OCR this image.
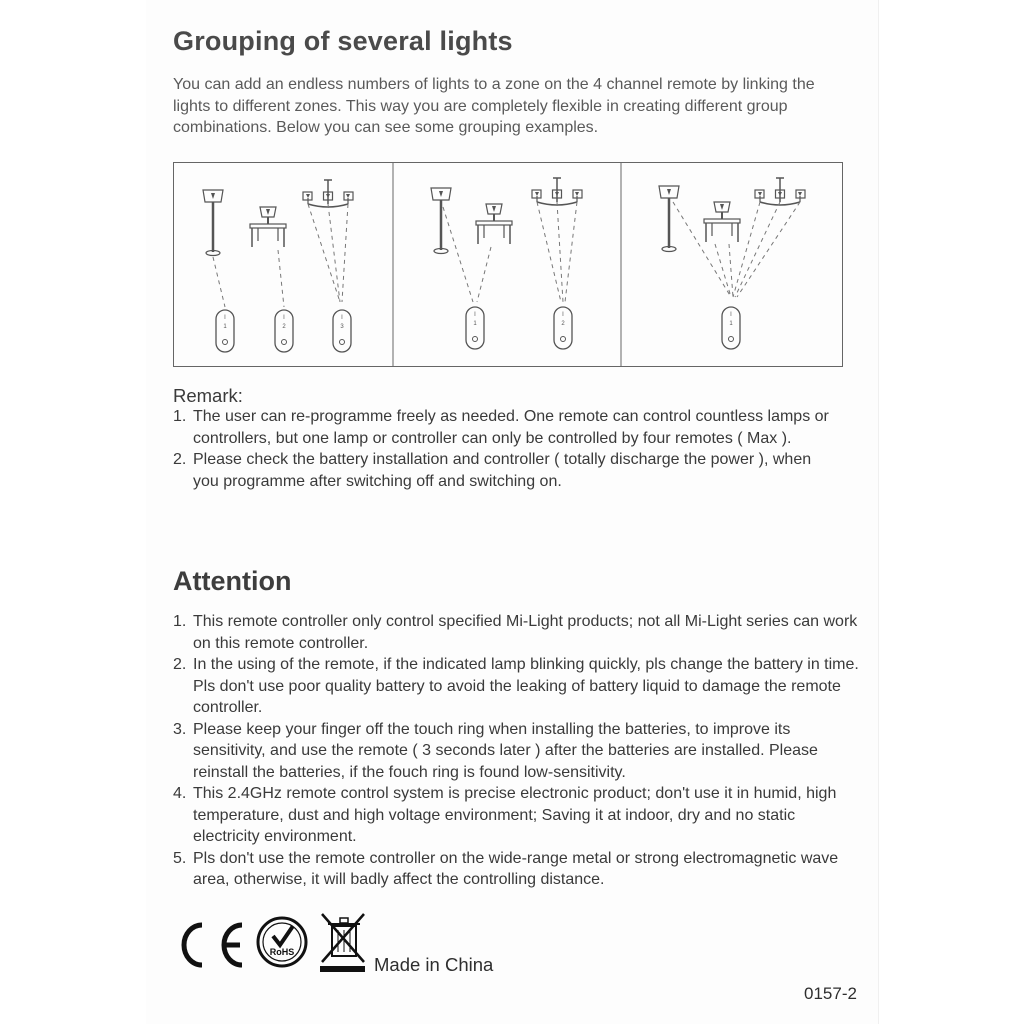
Grouping of several lights

You can add an endless numbers of lights to a zone on the 4 channel remote by linking the lights to different zones. This way you are completely flexible in creating different group combinations. Below you can see some grouping examples.

I
1
I
2
I
3
I
1
I
2
I
1
Remark:
1. The user can re-programme freely as needed. One remote can control countless lamps or controllers, but one lamp or controller can only be controlled by four remotes ( Max ).
2. Please check the battery installation and controller ( totally discharge the power ), when you programme after switching off and switching on.
Attention
1. This remote controller only control specified Mi-Light products; not all Mi-Light series can work on this remote controller.
2. In the using of the remote, if the indicated lamp blinking quickly, pls change the battery in time. Pls don't use poor quality battery to avoid the leaking of battery liquid to damage the remote controller.
3. Please keep your finger off the touch ring when installing the batteries, to improve its sensitivity, and use the remote ( 3 seconds later ) after the batteries are installed. Please reinstall the batteries, if the fouch ring is found low-sensitivity.
4. This 2.4GHz remote control system is precise electronic product; don't use it in humid, high temperature, dust and high voltage environment; Saving it at indoor, dry and no static electricity environment.
5. Pls don't use the remote controller on the wide-range metal or strong electromagnetic wave area, otherwise, it will badly affect the controlling distance.
RoHS
Made in China
0157-2
